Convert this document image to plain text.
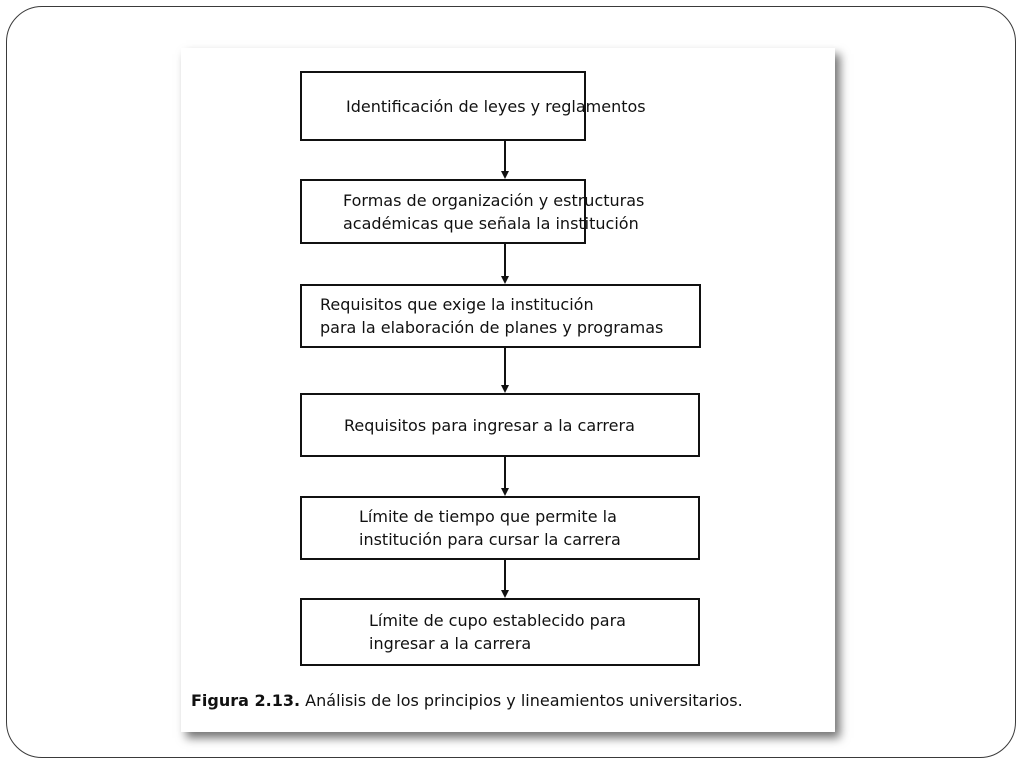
Figura 2.13. Análisis de los principios y lineamientos universitarios.
Identificación de leyes y reglamentos
Formas de organización y estructuras
académicas que señala la institución
Requisitos que exige la institución
para la elaboración de planes y programas
Requisitos para ingresar a la carrera
Límite de tiempo que permite la
institución para cursar la carrera
Límite de cupo establecido para
ingresar a la carrera
